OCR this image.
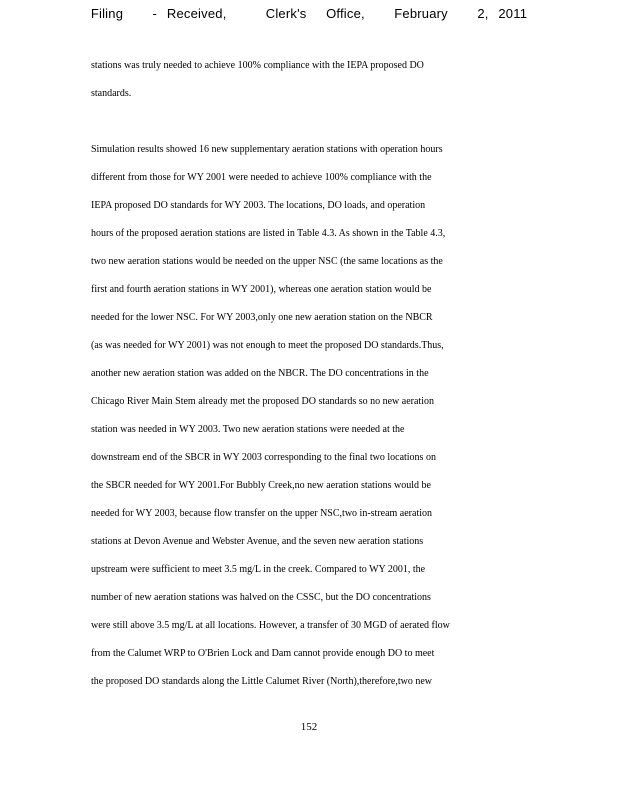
Filing   - Received,    Clerk's  Office,   February   2, 2011
stations was truly needed to achieve 100% compliance with the IEPA proposed DO
standards.
Simulation results showed 16 new supplementary aeration stations with operation hours
different from those for WY 2001 were needed to achieve 100% compliance with the
IEPA proposed DO standards for WY 2003. The locations, DO loads, and operation
hours of the proposed aeration stations are listed in Table 4.3. As shown in the Table 4.3,
two new aeration stations would be needed on the upper NSC (the same locations as the
first and fourth aeration stations in WY 2001), whereas one aeration station would be
needed for the lower NSC. For WY 2003,only one new aeration station on the NBCR
(as was needed for WY 2001) was not enough to meet the proposed DO standards.Thus,
another new aeration station was added on the NBCR. The DO concentrations in the
Chicago River Main Stem already met the proposed DO standards so no new aeration
station was needed in WY 2003. Two new aeration stations were needed at the
downstream end of the SBCR in WY 2003 corresponding to the final two locations on
the SBCR needed for WY 2001.For Bubbly Creek,no new aeration stations would be
needed for WY 2003, because flow transfer on the upper NSC,two in-stream aeration
stations at Devon Avenue and Webster Avenue, and the seven new aeration stations
upstream were sufficient to meet 3.5 mg/L in the creek. Compared to WY 2001, the
number of new aeration stations was halved on the CSSC, but the DO concentrations
were still above 3.5 mg/L at all locations. However, a transfer of 30 MGD of aerated flow
from the Calumet WRP to O'Brien Lock and Dam cannot provide enough DO to meet
the proposed DO standards along the Little Calumet River (North),therefore,two new
152
